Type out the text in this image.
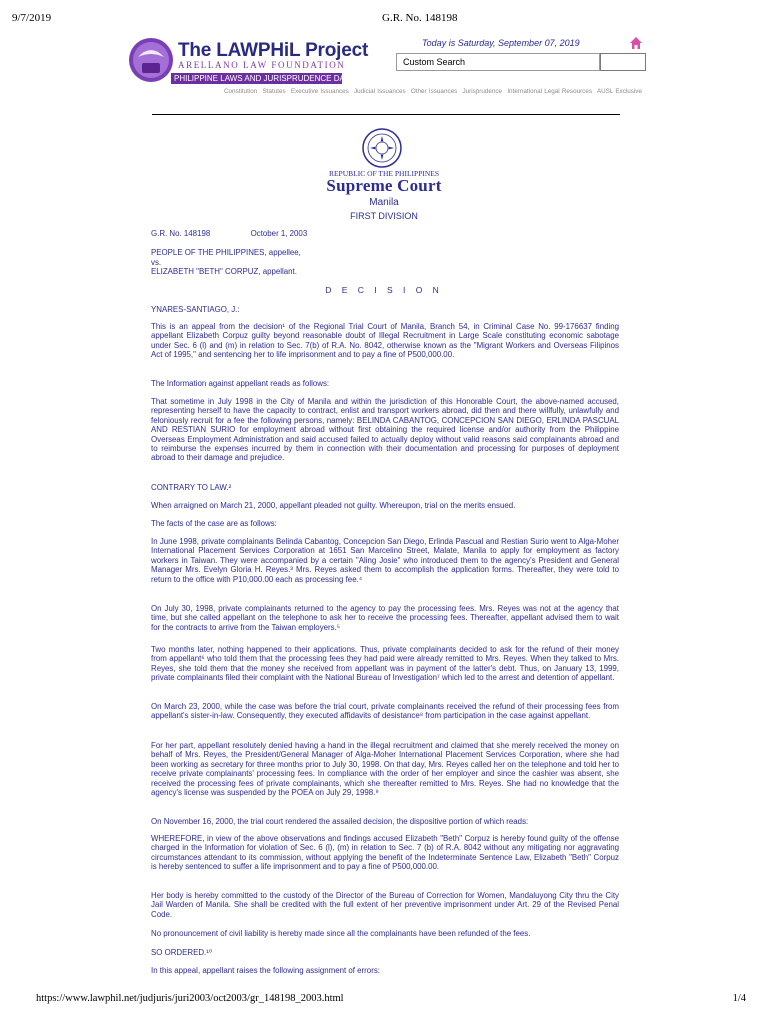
9/7/2019	G.R. No. 148198
The LAWPHiL Project
ARELLANO LAW FOUNDATION
PHILIPPINE LAWS AND JURISPRUDENCE DATABANK
Today is Saturday, September 07, 2019
Custom Search
Constitution Statutes Executive Issuances Judicial Issuances Other Issuances Jurisprudence International Legal Resources AUSL Exclusive
REPUBLIC OF THE PHILIPPINES
Supreme Court
Manila
FIRST DIVISION
G.R. No. 148198	October 1, 2003
PEOPLE OF THE PHILIPPINES, appellee,
vs.
ELIZABETH "BETH" CORPUZ, appellant.
D E C I S I O N
YNARES-SANTIAGO, J.:

This is an appeal from the decision¹ of the Regional Trial Court of Manila, Branch 54, in Criminal Case No. 99-176637 finding appellant Elizabeth Corpuz guilty beyond reasonable doubt of Illegal Recruitment in Large Scale constituting economic sabotage under Sec. 6 (l) and (m) in relation to Sec. 7(b) of R.A. No. 8042, otherwise known as the "Migrant Workers and Overseas Filipinos Act of 1995," and sentencing her to life imprisonment and to pay a fine of P500,000.00.

The Information against appellant reads as follows:

That sometime in July 1998 in the City of Manila and within the jurisdiction of this Honorable Court, the above-named accused, representing herself to have the capacity to contract, enlist and transport workers abroad, did then and there willfully, unlawfully and feloniously recruit for a fee the following persons, namely: BELINDA CABANTOG, CONCEPCION SAN DIEGO, ERLINDA PASCUAL AND RESTIAN SURIO for employment abroad without first obtaining the required license and/or authority from the Philippine Overseas Employment Administration and said accused failed to actually deploy without valid reasons said complainants abroad and to reimburse the expenses incurred by them in connection with their documentation and processing for purposes of deployment abroad to their damage and prejudice.

CONTRARY TO LAW.²

When arraigned on March 21, 2000, appellant pleaded not guilty. Whereupon, trial on the merits ensued.

The facts of the case are as follows:

In June 1998, private complainants Belinda Cabantog, Concepcion San Diego, Erlinda Pascual and Restian Surio went to Alga-Moher International Placement Services Corporation at 1651 San Marcelino Street, Malate, Manila to apply for employment as factory workers in Taiwan. They were accompanied by a certain "Aling Josie" who introduced them to the agency's President and General Manager Mrs. Evelyn Gloria H. Reyes.³ Mrs. Reyes asked them to accomplish the application forms. Thereafter, they were told to return to the office with P10,000.00 each as processing fee.⁴

On July 30, 1998, private complainants returned to the agency to pay the processing fees. Mrs. Reyes was not at the agency that time, but she called appellant on the telephone to ask her to receive the processing fees. Thereafter, appellant advised them to wait for the contracts to arrive from the Taiwan employers.⁵

Two months later, nothing happened to their applications. Thus, private complainants decided to ask for the refund of their money from appellant⁶ who told them that the processing fees they had paid were already remitted to Mrs. Reyes. When they talked to Mrs. Reyes, she told them that the money she received from appellant was in payment of the latter's debt. Thus, on January 13, 1999, private complainants filed their complaint with the National Bureau of Investigation⁷ which led to the arrest and detention of appellant.

On March 23, 2000, while the case was before the trial court, private complainants received the refund of their processing fees from appellant's sister-in-law. Consequently, they executed affidavits of desistance⁸ from participation in the case against appellant.

For her part, appellant resolutely denied having a hand in the illegal recruitment and claimed that she merely received the money on behalf of Mrs. Reyes, the President/General Manager of Alga-Moher International Placement Services Corporation, where she had been working as secretary for three months prior to July 30, 1998. On that day, Mrs. Reyes called her on the telephone and told her to receive private complainants' processing fees. In compliance with the order of her employer and since the cashier was absent, she received the processing fees of private complainants, which she thereafter remitted to Mrs. Reyes. She had no knowledge that the agency's license was suspended by the POEA on July 29, 1998.⁹

On November 16, 2000, the trial court rendered the assailed decision, the dispositive portion of which reads:

WHEREFORE, in view of the above observations and findings accused Elizabeth "Beth" Corpuz is hereby found guilty of the offense charged in the Information for violation of Sec. 6 (l), (m) in relation to Sec. 7 (b) of R.A. 8042 without any mitigating nor aggravating circumstances attendant to its commission, without applying the benefit of the Indeterminate Sentence Law, Elizabeth "Beth" Corpuz is hereby sentenced to suffer a life imprisonment and to pay a fine of P500,000.00.

Her body is hereby committed to the custody of the Director of the Bureau of Correction for Women, Mandaluyong City thru the City Jail Warden of Manila. She shall be credited with the full extent of her preventive imprisonment under Art. 29 of the Revised Penal Code.

No pronouncement of civil liability is hereby made since all the complainants have been refunded of the fees.

SO ORDERED.¹⁰

In this appeal, appellant raises the following assignment of errors:

https://www.lawphil.net/judjuris/juri2003/oct2003/gr_148198_2003.html	1/4
